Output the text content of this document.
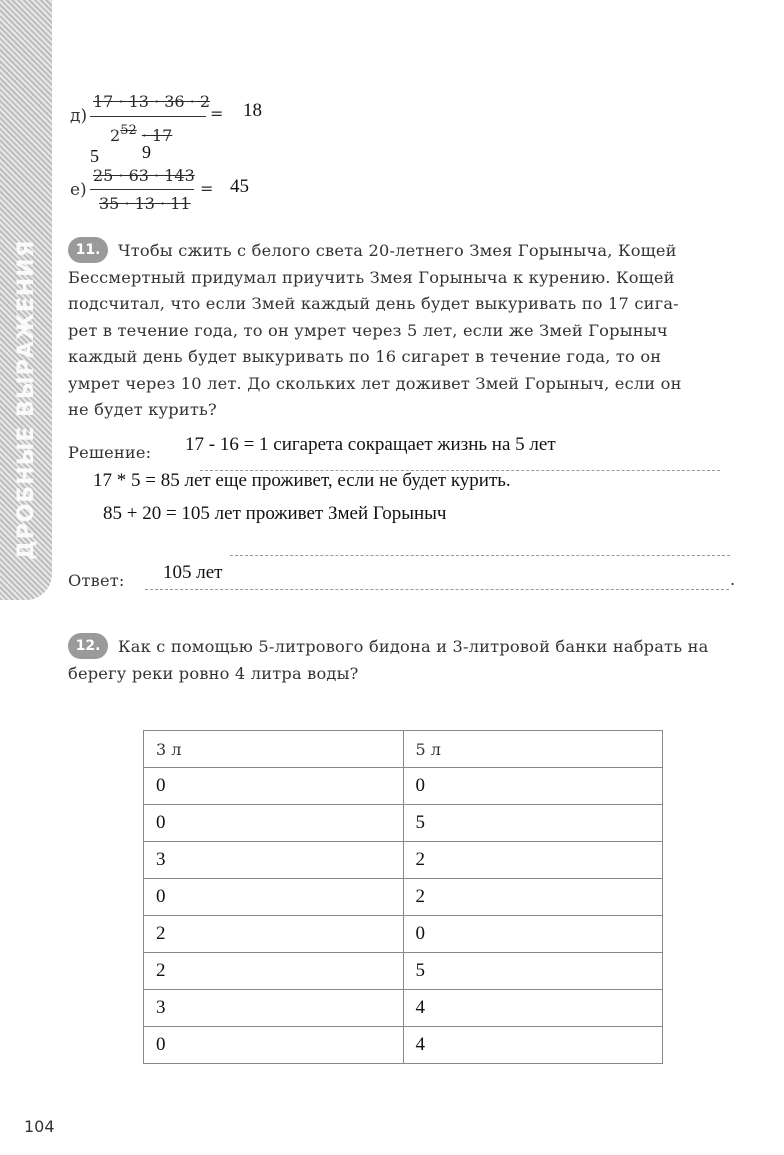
ДРОБНЫЕ ВЫРАЖЕНИЯ
д)
17 · 13 · 36 · 2
$2^{52} \cdot 17$
= 18
5 9
е)
25 · 63 · 143
35 · 13 · 11
= 45
11.	Чтобы сжить с белого света 20-летнего Змея Горыныча, Кощей
Бессмертный придумал приучить Змея Горыныча к курению. Кощей
подсчитал, что если Змей каждый день будет выкуривать по 17 сига-
рет в течение года, то он умрет через 5 лет, если же Змей Горыныч
каждый день будет выкуривать по 16 сигарет в течение года, то он
умрет через 10 лет. До скольких лет доживет Змей Горыныч, если он
не будет курить?
Решение: 17 - 16 = 1 сигарета сокращает жизнь на 5 лет
17 * 5 = 85 лет еще проживет, если не будет курить.
85 + 20 = 105 лет проживет Змей Горыныч
Ответ: 105 лет	.
12.	Как с помощью 5-литрового бидона и 3-литровой банки набрать на
берегу реки ровно 4 литра воды?
3 л	5 л
0	0
0	5
3	2
0	2
2	0
2	5
3	4
0	4
104
